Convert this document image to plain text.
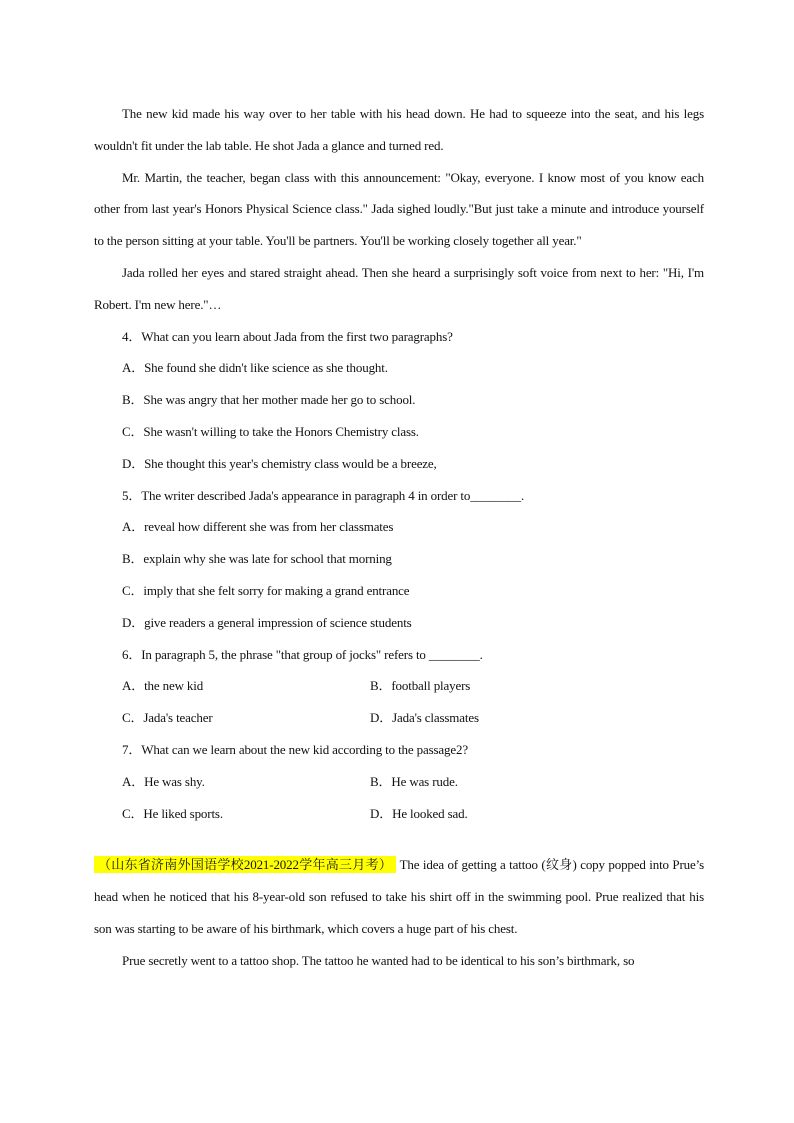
The new kid made his way over to her table with his head down. He had to squeeze into the seat, and his legs wouldn't fit under the lab table. He shot Jada a glance and turned red.
Mr. Martin, the teacher, began class with this announcement: "Okay, everyone. I know most of you know each other from last year's Honors Physical Science class." Jada sighed loudly."But just take a minute and introduce yourself to the person sitting at your table. You'll be partners. You'll be working closely together all year."
Jada rolled her eyes and stared straight ahead. Then she heard a surprisingly soft voice from next to her: "Hi, I'm Robert. I'm new here."…
4．What can you learn about Jada from the first two paragraphs?
A．She found she didn't like science as she thought.
B．She was angry that her mother made her go to school.
C．She wasn't willing to take the Honors Chemistry class.
D．She thought this year's chemistry class would be a breeze,
5．The writer described Jada's appearance in paragraph 4 in order to________.
A．reveal how different she was from her classmates
B．explain why she was late for school that morning
C．imply that she felt sorry for making a grand entrance
D．give readers a general impression of science students
6．In paragraph 5, the phrase "that group of jocks" refers to ________.
A．the new kid	B．football players
C．Jada's teacher	D．Jada's classmates
7．What can we learn about the new kid according to the passage2?
A．He was shy.	B．He was rude.
C．He liked sports.	D．He looked sad.
（山东省济南外国语学校2021-2022学年高三月考） The idea of getting a tattoo (纹身) copy popped into Prue’s head when he noticed that his 8-year-old son refused to take his shirt off in the swimming pool. Prue realized that his son was starting to be aware of his birthmark, which covers a huge part of his chest.
Prue secretly went to a tattoo shop. The tattoo he wanted had to be identical to his son’s birthmark, so
